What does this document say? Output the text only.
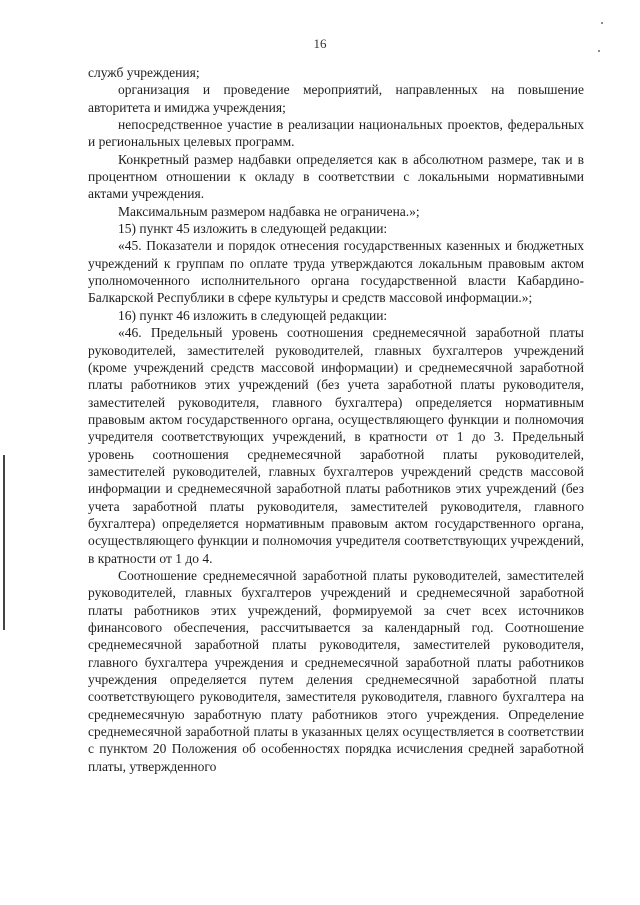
16

служб учреждения;

организация и проведение мероприятий, направленных на повышение авторитета и имиджа учреждения;

непосредственное участие в реализации национальных проектов, федеральных и региональных целевых программ.

Конкретный размер надбавки определяется как в абсолютном размере, так и в процентном отношении к окладу в соответствии с локальными нормативными актами учреждения.

Максимальным размером надбавка не ограничена.»;

15) пункт 45 изложить в следующей редакции:

«45. Показатели и порядок отнесения государственных казенных и бюджетных учреждений к группам по оплате труда утверждаются локальным правовым актом уполномоченного исполнительного органа государственной власти Кабардино-Балкарской Республики в сфере культуры и средств массовой информации.»;

16) пункт 46 изложить в следующей редакции:

«46. Предельный уровень соотношения среднемесячной заработной платы руководителей, заместителей руководителей, главных бухгалтеров учреждений (кроме учреждений средств массовой информации) и среднемесячной заработной платы работников этих учреждений (без учета заработной платы руководителя, заместителей руководителя, главного бухгалтера) определяется нормативным правовым актом государственного органа, осуществляющего функции и полномочия учредителя соответствующих учреждений, в кратности от 1 до 3. Предельный уровень соотношения среднемесячной заработной платы руководителей, заместителей руководителей, главных бухгалтеров учреждений средств массовой информации и среднемесячной заработной платы работников этих учреждений (без учета заработной платы руководителя, заместителей руководителя, главного бухгалтера) определяется нормативным правовым актом государственного органа, осуществляющего функции и полномочия учредителя соответствующих учреждений, в кратности от 1 до 4.

Соотношение среднемесячной заработной платы руководителей, заместителей руководителей, главных бухгалтеров учреждений и среднемесячной заработной платы работников этих учреждений, формируемой за счет всех источников финансового обеспечения, рассчитывается за календарный год. Соотношение среднемесячной заработной платы руководителя, заместителей руководителя, главного бухгалтера учреждения и среднемесячной заработной платы работников учреждения определяется путем деления среднемесячной заработной платы соответствующего руководителя, заместителя руководителя, главного бухгалтера на среднемесячную заработную плату работников этого учреждения. Определение среднемесячной заработной платы в указанных целях осуществляется в соответствии с пунктом 20 Положения об особенностях порядка исчисления средней заработной платы, утвержденного
